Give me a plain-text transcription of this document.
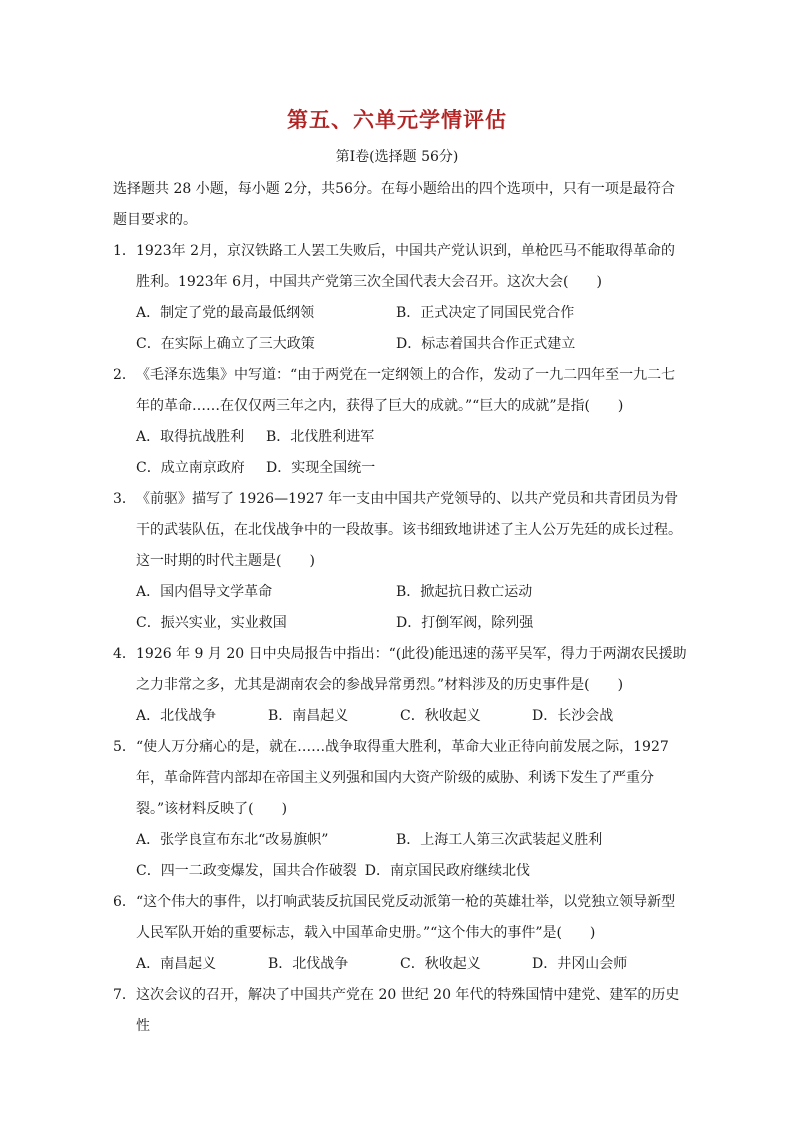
第五、六单元学情评估
第Ⅰ卷(选择题 56分)

选择题共 28 小题，每小题 2分，共56分。在每小题给出的四个选项中，只有一项是最符合题目要求的。

1．1923年 2月，京汉铁路工人罢工失败后，中国共产党认识到，单枪匹马不能取得革命的胜利。1923年 6月，中国共产党第三次全国代表大会召开。这次大会(　　)
A．制定了党的最高最低纲领	B．正式决定了同国民党合作
C．在实际上确立了三大政策	D．标志着国共合作正式建立
2．《毛泽东选集》中写道：“由于两党在一定纲领上的合作，发动了一九二四年至一九二七年的革命……在仅仅两三年之内，获得了巨大的成就。”“巨大的成就”是指(　　)
A．取得抗战胜利	B．北伐胜利进军
C．成立南京政府	D．实现全国统一
3．《前驱》描写了 1926—1927 年一支由中国共产党领导的、以共产党员和共青团员为骨干的武装队伍，在北伐战争中的一段故事。该书细致地讲述了主人公万先廷的成长过程。这一时期的时代主题是(　　)
A．国内倡导文学革命	B．掀起抗日救亡运动
C．振兴实业，实业救国	D．打倒军阀，除列强
4．1926 年 9 月 20 日中央局报告中指出：“(此役)能迅速的荡平吴军，得力于两湖农民援助之力非常之多，尤其是湖南农会的参战异常勇烈。”材料涉及的历史事件是(　　)
A．北伐战争	B．南昌起义	C．秋收起义	D．长沙会战
5．“使人万分痛心的是，就在……战争取得重大胜利，革命大业正待向前发展之际，1927年，革命阵营内部却在帝国主义列强和国内大资产阶级的威胁、利诱下发生了严重分裂。”该材料反映了(　　)
A．张学良宣布东北“改易旗帜”	B．上海工人第三次武装起义胜利
C．四一二政变爆发，国共合作破裂 D．南京国民政府继续北伐
6．“这个伟大的事件，以打响武装反抗国民党反动派第一枪的英雄壮举，以党独立领导新型人民军队开始的重要标志，载入中国革命史册。”“这个伟大的事件”是(　　)
A．南昌起义	B．北伐战争	C．秋收起义	D．井冈山会师
7．这次会议的召开，解决了中国共产党在 20 世纪 20 年代的特殊国情中建党、建军的历史性
